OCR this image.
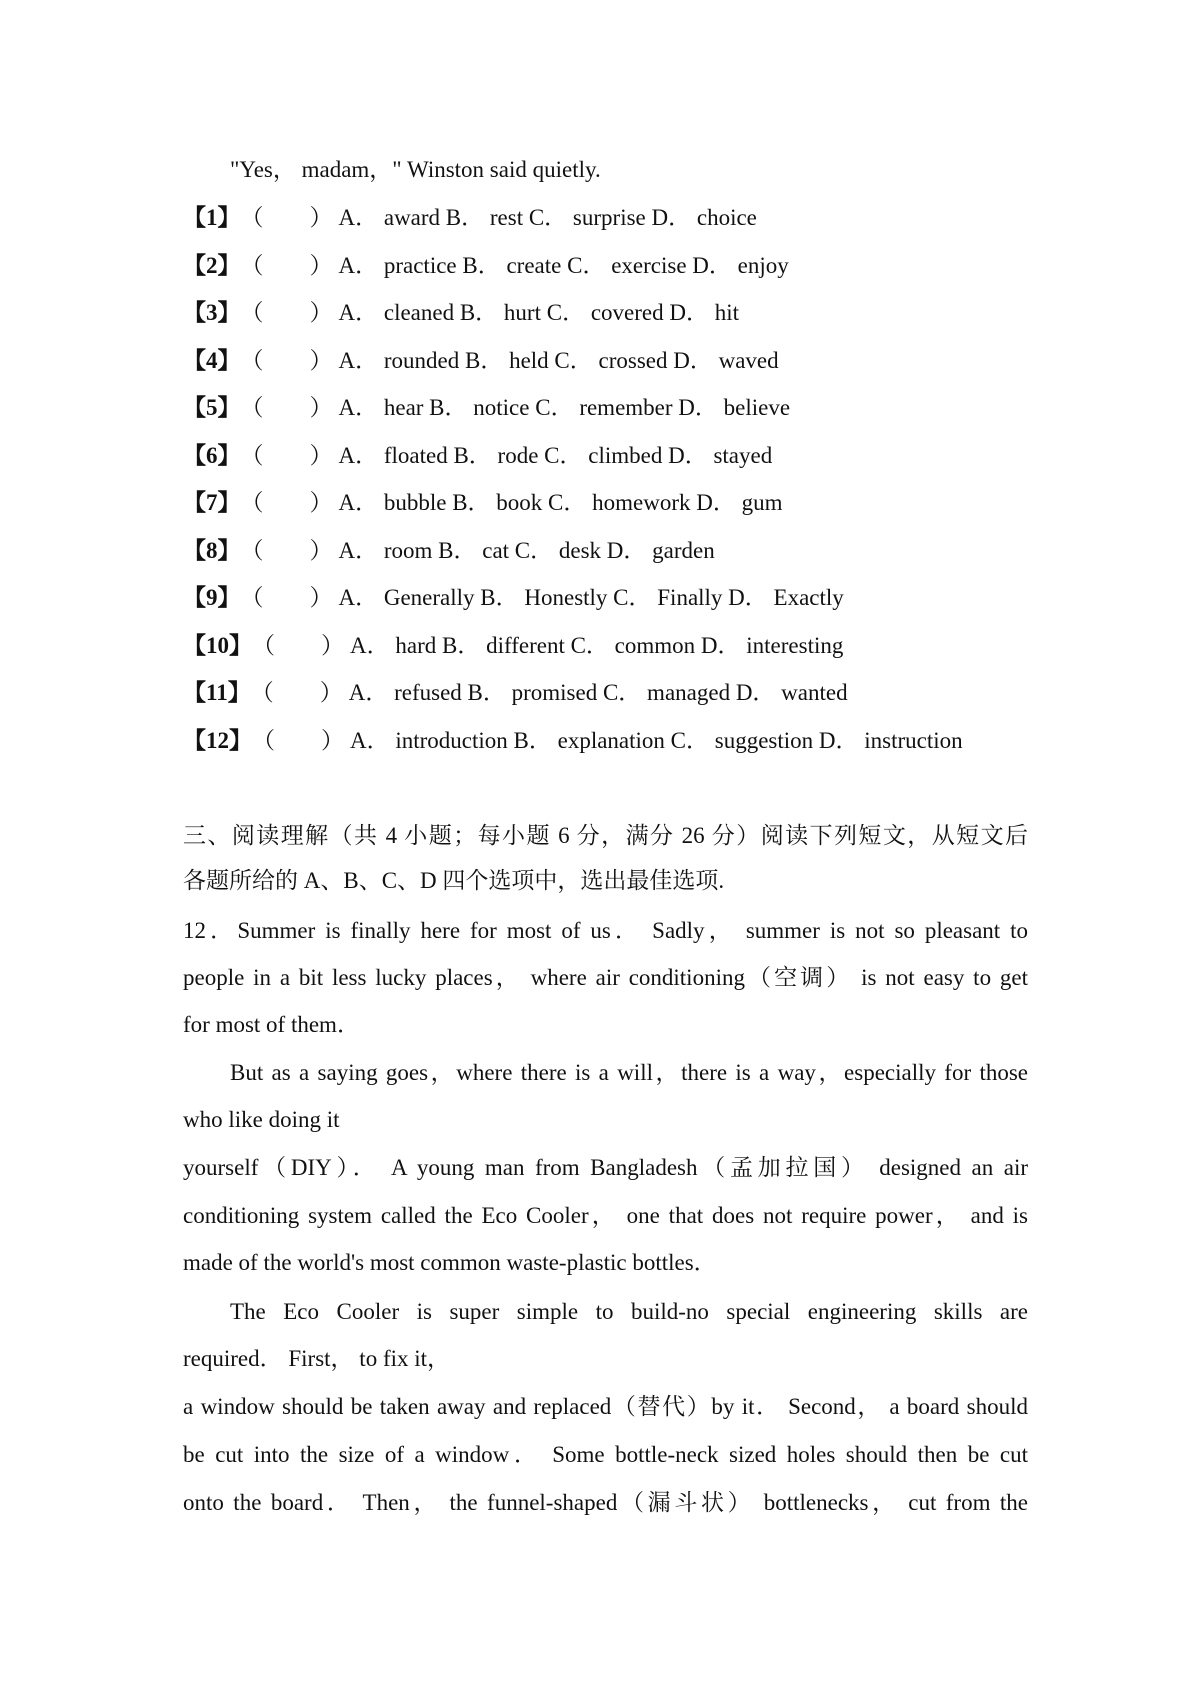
"Yes， madam，" Winston said quietly.
【1】（　　） A． award B． rest C． surprise D． choice
【2】（　　） A． practice B． create C． exercise D． enjoy
【3】（　　） A． cleaned B． hurt C． covered D． hit
【4】（　　） A． rounded B． held C． crossed D． waved
【5】（　　） A． hear B． notice C． remember D． believe
【6】（　　） A． floated B． rode C． climbed D． stayed
【7】（　　） A． bubble B． book C． homework D． gum
【8】（　　） A． room B． cat C． desk D． garden
【9】（　　） A． Generally B． Honestly C． Finally D． Exactly
【10】（　　） A． hard B． different C． common D． interesting
【11】（　　） A． refused B． promised C． managed D． wanted
【12】（　　） A． introduction B． explanation C． suggestion D． instruction
三、阅读理解（共 4 小题；每小题 6 分，满分 26 分）阅读下列短文，从短文后
各题所给的 A、B、C、D 四个选项中，选出最佳选项.
12．Summer is finally here for most of us． Sadly， summer is not so pleasant to
people in a bit less lucky places， where air conditioning（空调） is not easy to get
for most of them．
But as a saying goes，where there is a will，there is a way，especially for those
who like doing it
yourself（DIY）． A young man from Bangladesh（孟加拉国） designed an air
conditioning system called the Eco Cooler， one that does not require power， and is
made of the world's most common waste-plastic bottles．
The Eco Cooler is super simple to build-no special engineering skills are
required． First， to fix it，
a window should be taken away and replaced（替代）by it． Second， a board should
be cut into the size of a window． Some bottle-neck sized holes should then be cut
onto the board． Then， the funnel-shaped（漏斗状） bottlenecks， cut from the
